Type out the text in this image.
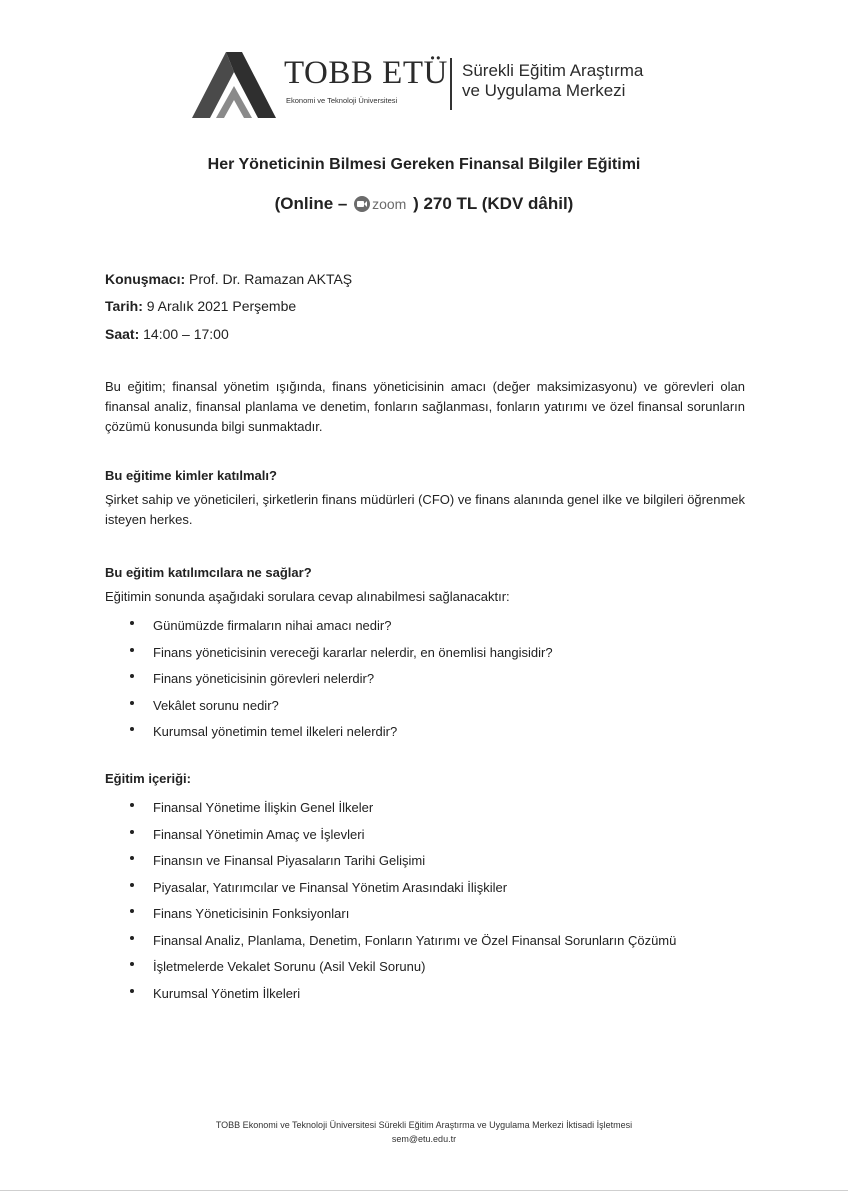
TOBB ETÜ
Ekonomi ve Teknoloji Üniversitesi
Sürekli Eğitim Araştırma
ve Uygulama Merkezi
Her Yöneticinin Bilmesi Gereken Finansal Bilgiler Eğitimi
(Online – zoom ) 270 TL (KDV dâhil)
Konuşmacı: Prof. Dr. Ramazan AKTAŞ
Tarih: 9 Aralık 2021 Perşembe
Saat: 14:00 – 17:00
Bu eğitim; finansal yönetim ışığında, finans yöneticisinin amacı (değer maksimizasyonu) ve görevleri olan finansal analiz, finansal planlama ve denetim, fonların sağlanması, fonların yatırımı ve özel finansal sorunların çözümü konusunda bilgi sunmaktadır.
Bu eğitime kimler katılmalı?
Şirket sahip ve yöneticileri, şirketlerin finans müdürleri (CFO) ve finans alanında genel ilke ve bilgileri öğrenmek isteyen herkes.
Bu eğitim katılımcılara ne sağlar?
Eğitimin sonunda aşağıdaki sorulara cevap alınabilmesi sağlanacaktır:
Günümüzde firmaların nihai amacı nedir?
Finans yöneticisinin vereceği kararlar nelerdir, en önemlisi hangisidir?
Finans yöneticisinin görevleri nelerdir?
Vekâlet sorunu nedir?
Kurumsal yönetimin temel ilkeleri nelerdir?
Eğitim içeriği:
Finansal Yönetime İlişkin Genel İlkeler
Finansal Yönetimin Amaç ve İşlevleri
Finansın ve Finansal Piyasaların Tarihi Gelişimi
Piyasalar, Yatırımcılar ve Finansal Yönetim Arasındaki İlişkiler
Finans Yöneticisinin Fonksiyonları
Finansal Analiz, Planlama, Denetim, Fonların Yatırımı ve Özel Finansal Sorunların Çözümü
İşletmelerde Vekalet Sorunu (Asil Vekil Sorunu)
Kurumsal Yönetim İlkeleri
TOBB Ekonomi ve Teknoloji Üniversitesi Sürekli Eğitim Araştırma ve Uygulama Merkezi İktisadi İşletmesi
sem@etu.edu.tr
